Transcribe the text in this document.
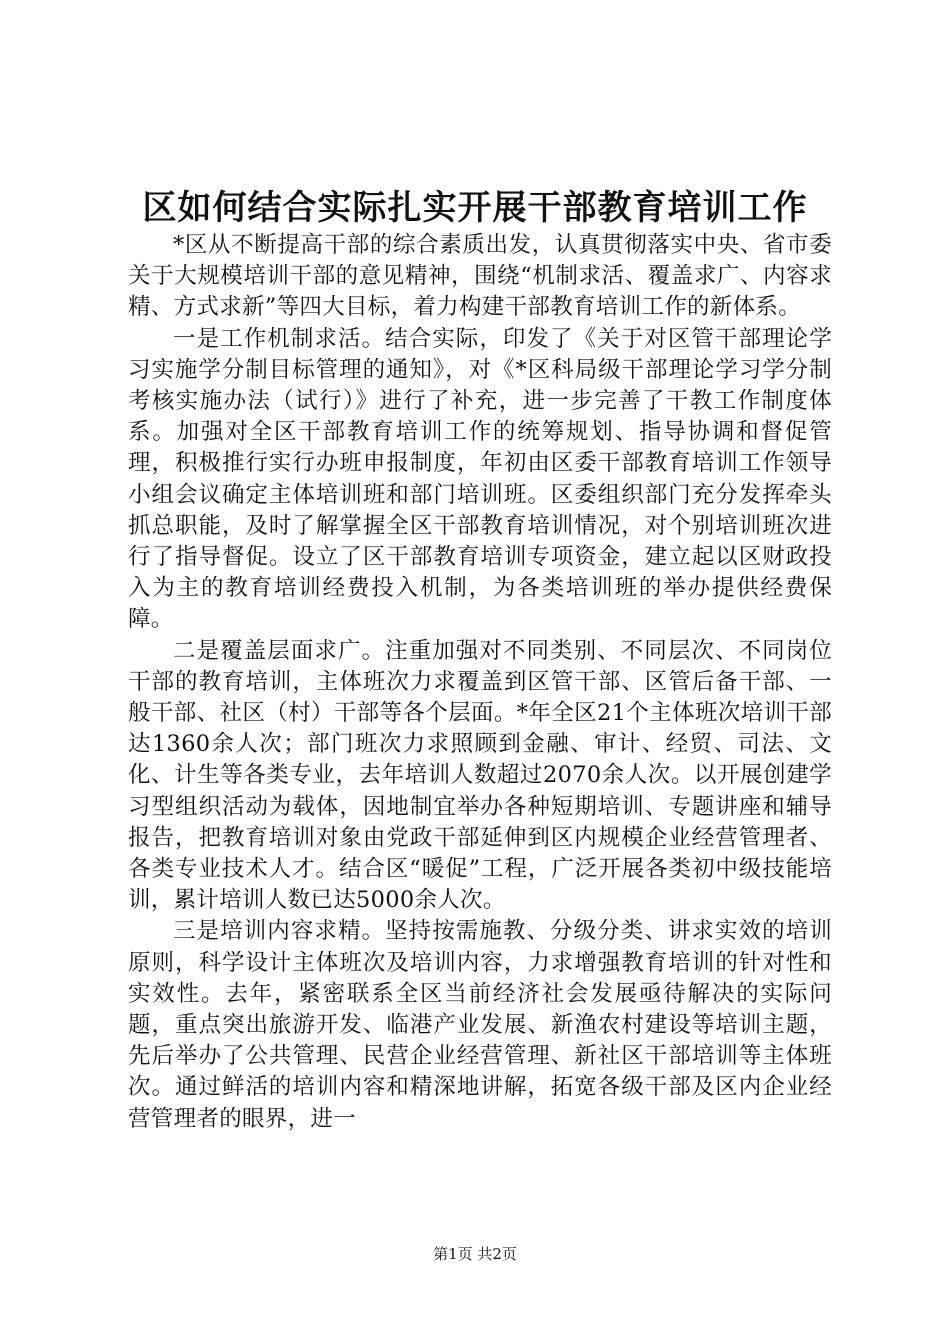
区如何结合实际扎实开展干部教育培训工作

*区从不断提高干部的综合素质出发，认真贯彻落实中央、省市委关于大规模培训干部的意见精神，围绕“机制求活、覆盖求广、内容求精、方式求新”等四大目标，着力构建干部教育培训工作的新体系。

一是工作机制求活。结合实际，印发了《关于对区管干部理论学习实施学分制目标管理的通知》，对《*区科局级干部理论学习学分制考核实施办法（试行）》进行了补充，进一步完善了干教工作制度体系。加强对全区干部教育培训工作的统筹规划、指导协调和督促管理，积极推行实行办班申报制度，年初由区委干部教育培训工作领导小组会议确定主体培训班和部门培训班。区委组织部门充分发挥牵头抓总职能，及时了解掌握全区干部教育培训情况，对个别培训班次进行了指导督促。设立了区干部教育培训专项资金，建立起以区财政投入为主的教育培训经费投入机制，为各类培训班的举办提供经费保障。

二是覆盖层面求广。注重加强对不同类别、不同层次、不同岗位干部的教育培训，主体班次力求覆盖到区管干部、区管后备干部、一般干部、社区（村）干部等各个层面。*年全区21个主体班次培训干部达1360余人次；部门班次力求照顾到金融、审计、经贸、司法、文化、计生等各类专业，去年培训人数超过2070余人次。以开展创建学习型组织活动为载体，因地制宜举办各种短期培训、专题讲座和辅导报告，把教育培训对象由党政干部延伸到区内规模企业经营管理者、各类专业技术人才。结合区“暖促”工程，广泛开展各类初中级技能培训，累计培训人数已达5000余人次。

三是培训内容求精。坚持按需施教、分级分类、讲求实效的培训原则，科学设计主体班次及培训内容，力求增强教育培训的针对性和实效性。去年，紧密联系全区当前经济社会发展亟待解决的实际问题，重点突出旅游开发、临港产业发展、新渔农村建设等培训主题，先后举办了公共管理、民营企业经营管理、新社区干部培训等主体班次。通过鲜活的培训内容和精深地讲解，拓宽各级干部及区内企业经营管理者的眼界，进一

第1页 共2页
